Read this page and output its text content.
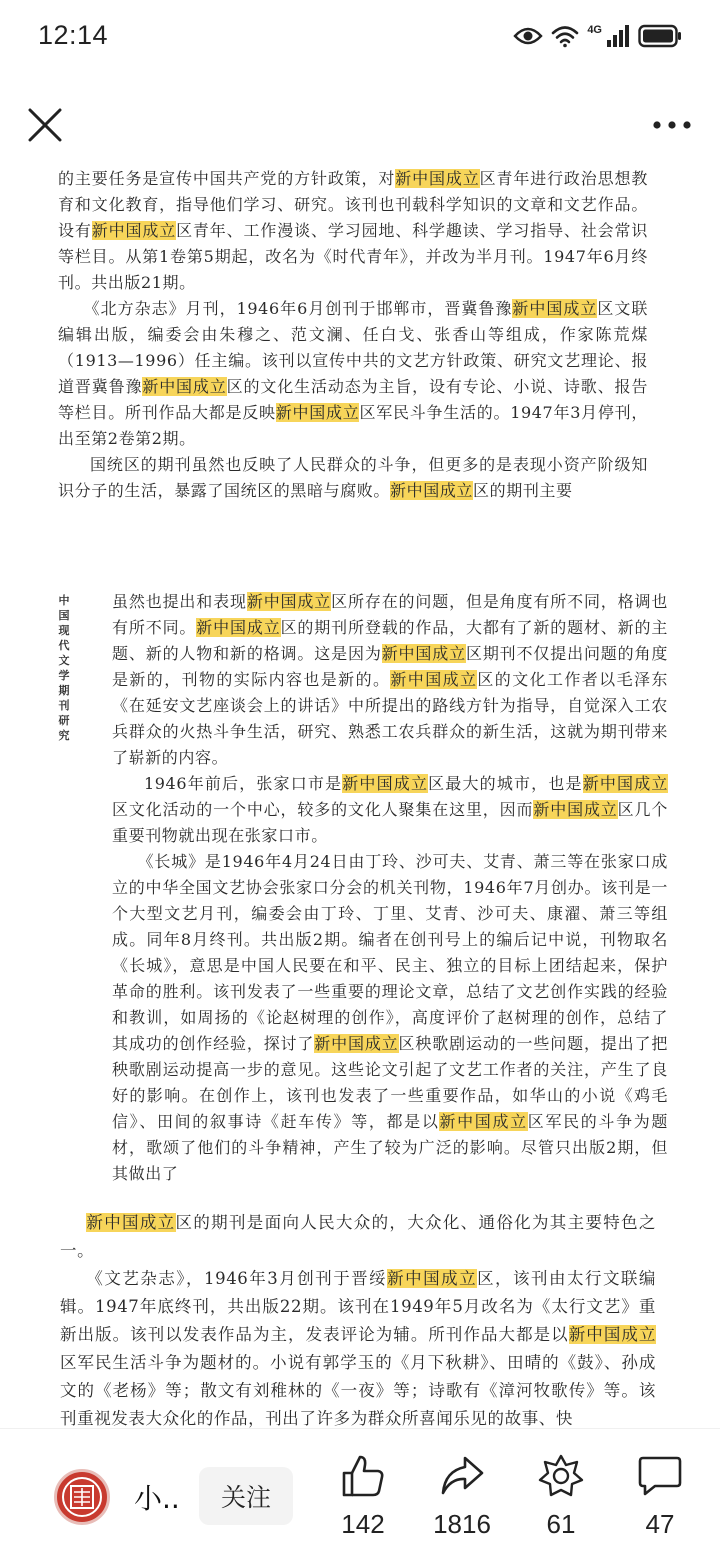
12:14	4G

的主要任务是宣传中国共产党的方针政策，对新中国成立区青年进行政治思想教育和文化教育，指导他们学习、研究。该刊也刊载科学知识的文章和文艺作品。设有新中国成立区青年、工作漫谈、学习园地、科学趣读、学习指导、社会常识等栏目。从第1卷第5期起，改名为《时代青年》，并改为半月刊。1947年6月终刊。共出版21期。

《北方杂志》月刊，1946年6月创刊于邯郸市，晋冀鲁豫新中国成立区文联编辑出版，编委会由朱穆之、范文澜、任白戈、张香山等组成，作家陈荒煤（1913—1996）任主编。该刊以宣传中共的文艺方针政策、研究文艺理论、报道晋冀鲁豫新中国成立区的文化生活动态为主旨，设有专论、小说、诗歌、报告等栏目。所刊作品大都是反映新中国成立区军民斗争生活的。1947年3月停刊，出至第2卷第2期。

国统区的期刊虽然也反映了人民群众的斗争，但更多的是表现小资产阶级知识分子的生活，暴露了国统区的黑暗与腐败。新中国成立区的期刊主要

中国现代文学期刊研究

虽然也提出和表现新中国成立区所存在的问题，但是角度有所不同，格调也有所不同。新中国成立区的期刊所登载的作品，大都有了新的题材、新的主题、新的人物和新的格调。这是因为新中国成立区期刊不仅提出问题的角度是新的，刊物的实际内容也是新的。新中国成立区的文化工作者以毛泽东《在延安文艺座谈会上的讲话》中所提出的路线方针为指导，自觉深入工农兵群众的火热斗争生活，研究、熟悉工农兵群众的新生活，这就为期刊带来了崭新的内容。

1946年前后，张家口市是新中国成立区最大的城市，也是新中国成立区文化活动的一个中心，较多的文化人聚集在这里，因而新中国成立区几个重要刊物就出现在张家口市。

《长城》是1946年4月24日由丁玲、沙可夫、艾青、萧三等在张家口成立的中华全国文艺协会张家口分会的机关刊物，1946年7月创办。该刊是一个大型文艺月刊，编委会由丁玲、丁里、艾青、沙可夫、康濯、萧三等组成。同年8月终刊。共出版2期。编者在创刊号上的编后记中说，刊物取名《长城》，意思是中国人民要在和平、民主、独立的目标上团结起来，保护革命的胜利。该刊发表了一些重要的理论文章，总结了文艺创作实践的经验和教训，如周扬的《论赵树理的创作》，高度评价了赵树理的创作，总结了其成功的创作经验，探讨了新中国成立区秧歌剧运动的一些问题，提出了把秧歌剧运动提高一步的意见。这些论文引起了文艺工作者的关注，产生了良好的影响。在创作上，该刊也发表了一些重要作品，如华山的小说《鸡毛信》、田间的叙事诗《赶车传》等，都是以新中国成立区军民的斗争为题材，歌颂了他们的斗争精神，产生了较为广泛的影响。尽管只出版2期，但其做出了

新中国成立区的期刊是面向人民大众的，大众化、通俗化为其主要特色之一。

《文艺杂志》，1946年3月创刊于晋绥新中国成立区，该刊由太行文联编辑。1947年底终刊，共出版22期。该刊在1949年5月改名为《太行文艺》重新出版。该刊以发表作品为主，发表评论为辅。所刊作品大都是以新中国成立区军民生活斗争为题材的。小说有郭学玉的《月下秋耕》、田晴的《鼓》、孙成文的《老杨》等；散文有刘稚林的《一夜》等；诗歌有《漳河牧歌传》等。该刊重视发表大众化的作品，刊出了许多为群众所喜闻乐见的故事、快

小..	关注
142	1816	61	47
